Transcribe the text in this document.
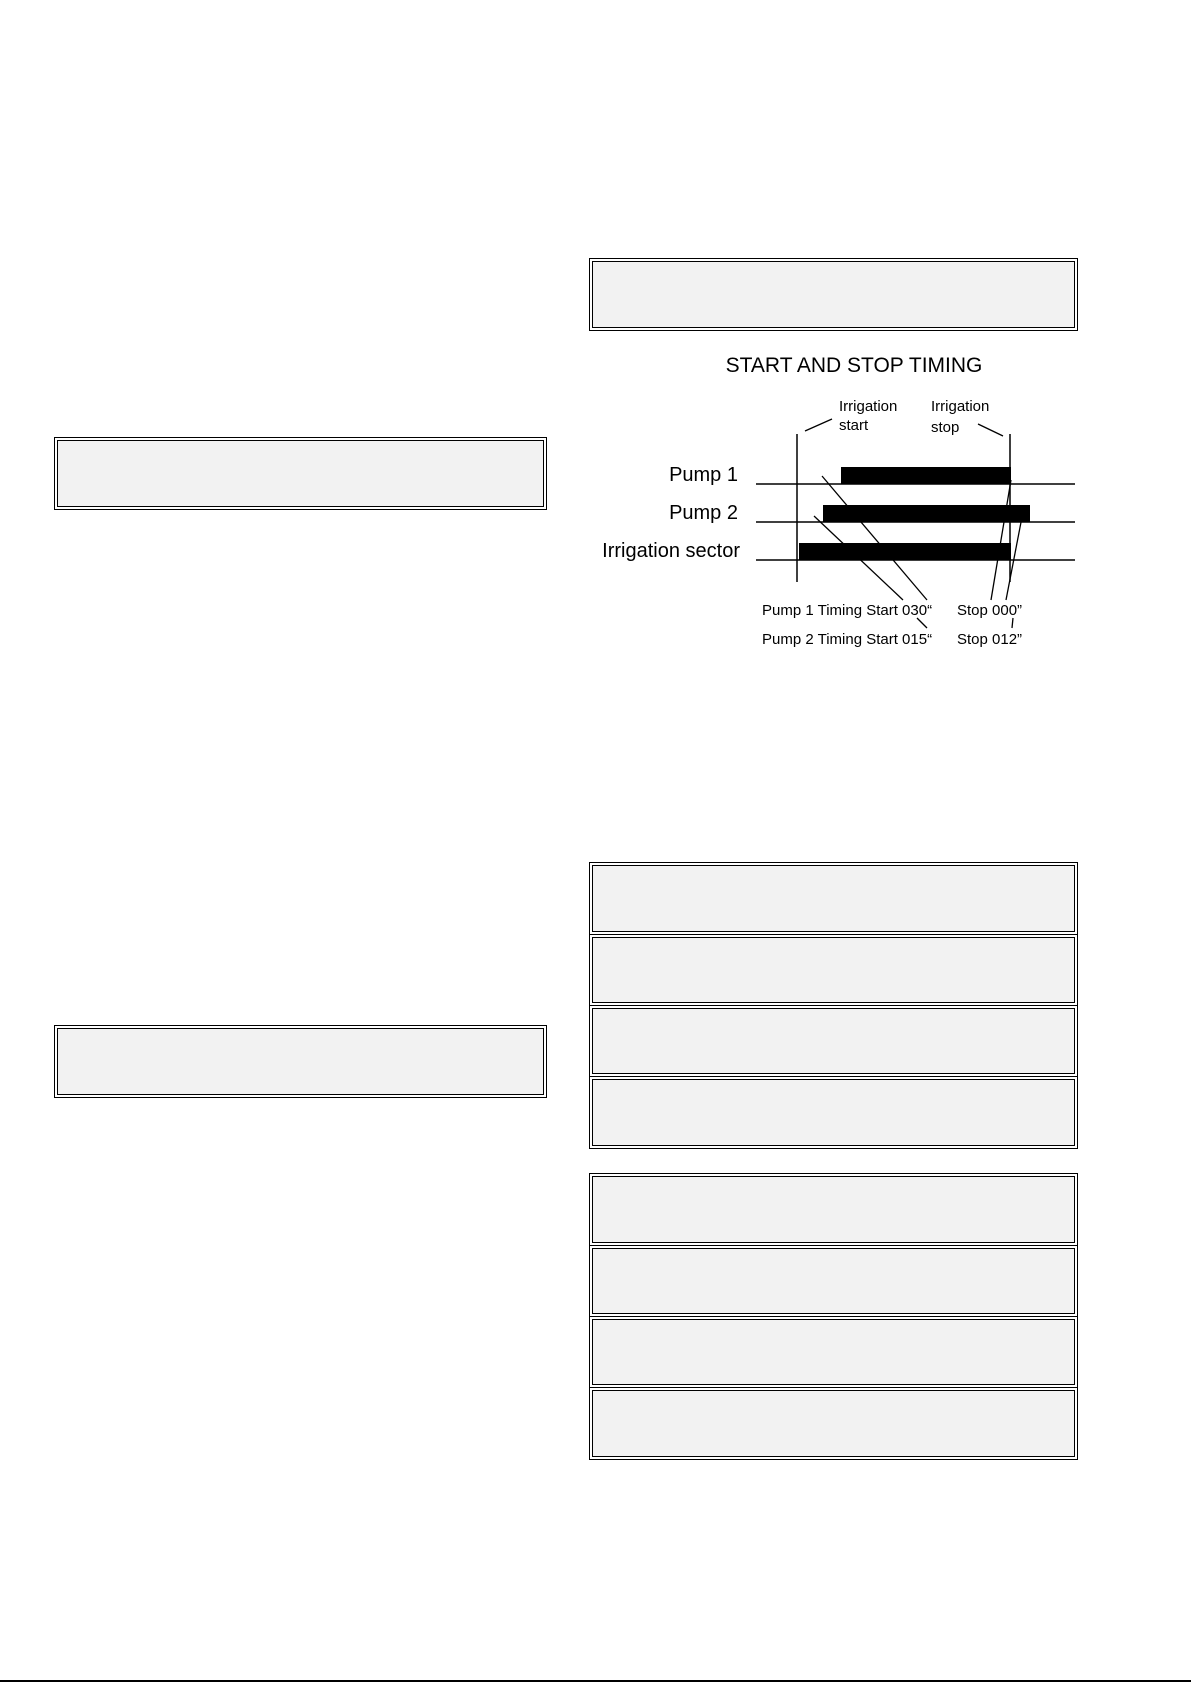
START AND STOP TIMING
Irrigation
start
Irrigation
stop
Pump 1
Pump 2
Irrigation sector
Pump 1 Timing Start 030“ Stop 000”
Pump 2 Timing Start 015“ Stop 012”
